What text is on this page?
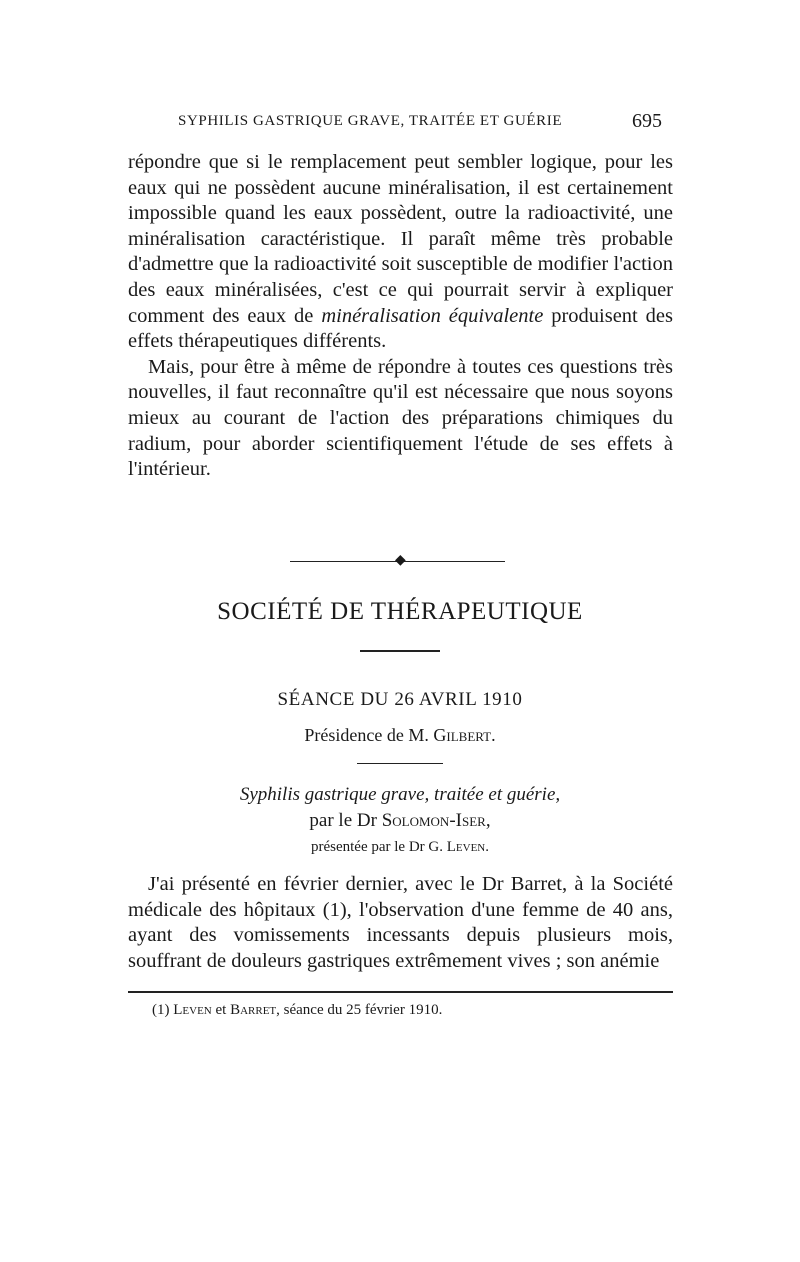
SYPHILIS GASTRIQUE GRAVE, TRAITÉE ET GUÉRIE	695

répondre que si le remplacement peut sembler logique, pour les eaux qui ne possèdent aucune minéralisation, il est certainement impossible quand les eaux possèdent, outre la radioactivité, une minéralisation caractéristique. Il paraît même très probable d'admettre que la radioactivité soit susceptible de modifier l'action des eaux minéralisées, c'est ce qui pourrait servir à expliquer comment des eaux de minéralisation équivalente produisent des effets thérapeutiques différents.

Mais, pour être à même de répondre à toutes ces questions très nouvelles, il faut reconnaître qu'il est nécessaire que nous soyons mieux au courant de l'action des préparations chimiques du radium, pour aborder scientifiquement l'étude de ses effets à l'intérieur.

◆
SOCIÉTÉ DE THÉRAPEUTIQUE
SÉANCE DU 26 AVRIL 1910
Présidence de M. Gilbert.
Syphilis gastrique grave, traitée et guérie,
par le Dr Solomon-Iser,
présentée par le Dr G. Leven.

J'ai présenté en février dernier, avec le Dr Barret, à la Société médicale des hôpitaux (1), l'observation d'une femme de 40 ans, ayant des vomissements incessants depuis plusieurs mois, souffrant de douleurs gastriques extrêmement vives ; son anémie

(1) Leven et Barret, séance du 25 février 1910.
